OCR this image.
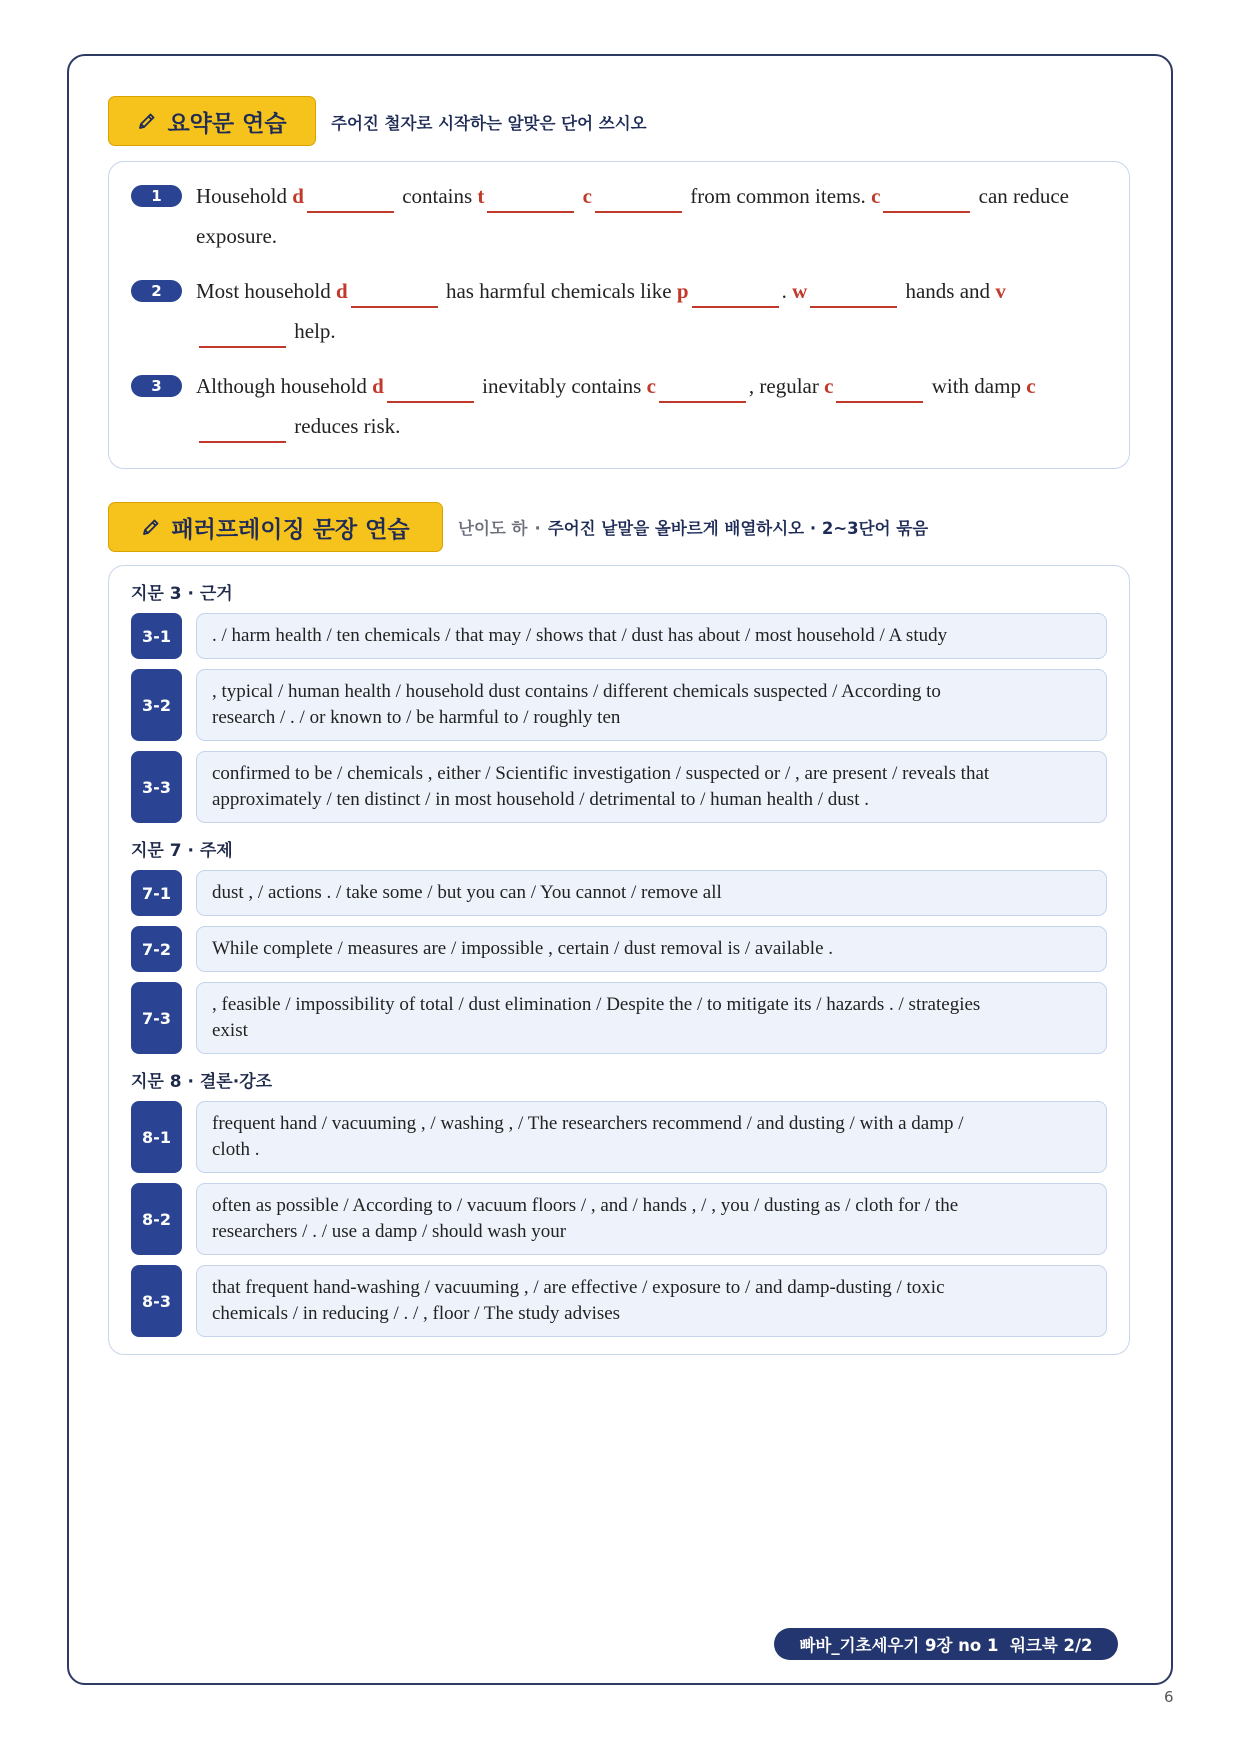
요약문 연습	주어진 철자로 시작하는 알맞은 단어 쓰시오
1	Household d	contains t	c	from common items. c	can reduce
exposure.
2	Most household d	has harmful chemicals like p	. w	hands and v
help.
3	Although household d	inevitably contains c	, regular c	with damp c
reduces risk.
패러프레이징 문장 연습	난이도 하 · 주어진 낱말을 올바르게 배열하시오 · 2~3단어 묶음
지문 3 · 근거
3-1	. / harm health / ten chemicals / that may / shows that / dust has about / most household / A study
3-2
, typical / human health / household dust contains / different chemicals suspected / According to
research / . / or known to / be harmful to / roughly ten
3-3
confirmed to be / chemicals , either / Scientific investigation / suspected or / , are present / reveals that
approximately / ten distinct / in most household / detrimental to / human health / dust .
지문 7 · 주제
7-1	dust , / actions . / take some / but you can / You cannot / remove all
7-2	While complete / measures are / impossible , certain / dust removal is / available .
7-3
, feasible / impossibility of total / dust elimination / Despite the / to mitigate its / hazards . / strategies
exist
지문 8 · 결론·강조
8-1
frequent hand / vacuuming , / washing , / The researchers recommend / and dusting / with a damp /
cloth .
8-2
often as possible / According to / vacuum floors / , and / hands , / , you / dusting as / cloth for / the
researchers / . / use a damp / should wash your
8-3
that frequent hand-washing / vacuuming , / are effective / exposure to / and damp-dusting / toxic
chemicals / in reducing / . / , floor / The study advises
빠바_기초세우기 9장 no 1  워크북 2/2
6
